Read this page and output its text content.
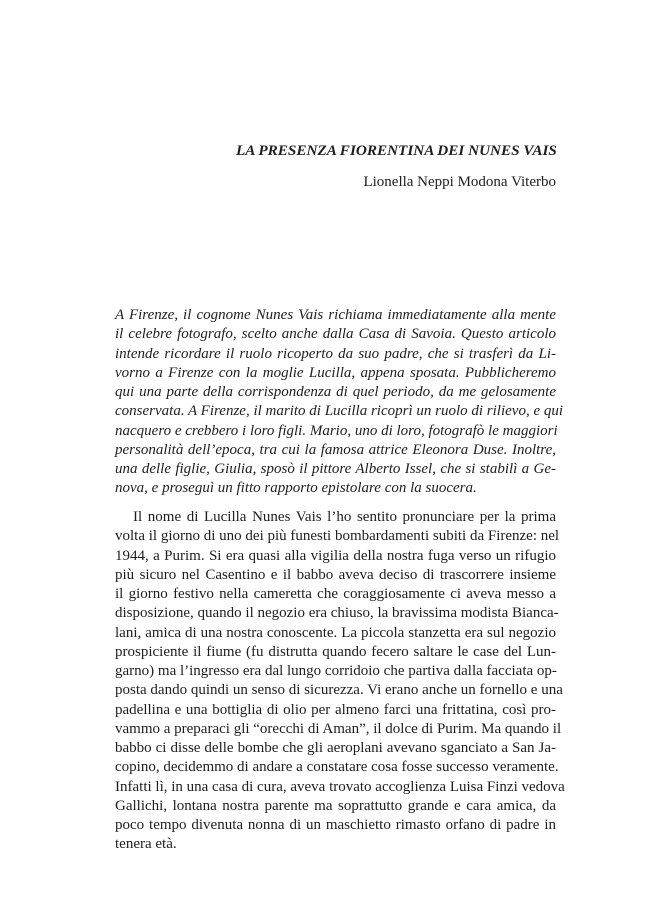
LA PRESENZA FIORENTINA DEI NUNES VAIS

Lionella Neppi Modona Viterbo

A Firenze, il cognome Nunes Vais richiama immediatamente alla mente
il celebre fotografo, scelto anche dalla Casa di Savoia. Questo articolo
intende ricordare il ruolo ricoperto da suo padre, che si trasferì da Li-
vorno a Firenze con la moglie Lucilla, appena sposata. Pubblicheremo
qui una parte della corrispondenza di quel periodo, da me gelosamente
conservata. A Firenze, il marito di Lucilla ricoprì un ruolo di rilievo, e qui
nacquero e crebbero i loro figli. Mario, uno di loro, fotografò le maggiori
personalità dell’epoca, tra cui la famosa attrice Eleonora Duse. Inoltre,
una delle figlie, Giulia, sposò il pittore Alberto Issel, che si stabilì a Ge-
nova, e proseguì un fitto rapporto epistolare con la suocera.
Il nome di Lucilla Nunes Vais l’ho sentito pronunciare per la prima
volta il giorno di uno dei più funesti bombardamenti subiti da Firenze: nel
1944, a Purim. Si era quasi alla vigilia della nostra fuga verso un rifugio
più sicuro nel Casentino e il babbo aveva deciso di trascorrere insieme
il giorno festivo nella cameretta che coraggiosamente ci aveva messo a
disposizione, quando il negozio era chiuso, la bravissima modista Bianca-
lani, amica di una nostra conoscente. La piccola stanzetta era sul negozio
prospiciente il fiume (fu distrutta quando fecero saltare le case del Lun-
garno) ma l’ingresso era dal lungo corridoio che partiva dalla facciata op-
posta dando quindi un senso di sicurezza. Vi erano anche un fornello e una
padellina e una bottiglia di olio per almeno farci una frittatina, così pro-
vammo a preparaci gli “orecchi di Aman”, il dolce di Purim. Ma quando il
babbo ci disse delle bombe che gli aeroplani avevano sganciato a San Ja-
copino, decidemmo di andare a constatare cosa fosse successo veramente.
Infatti lì, in una casa di cura, aveva trovato accoglienza Luisa Finzi vedova
Gallichi, lontana nostra parente ma soprattutto grande e cara amica, da
poco tempo divenuta nonna di un maschietto rimasto orfano di padre in
tenera età.
